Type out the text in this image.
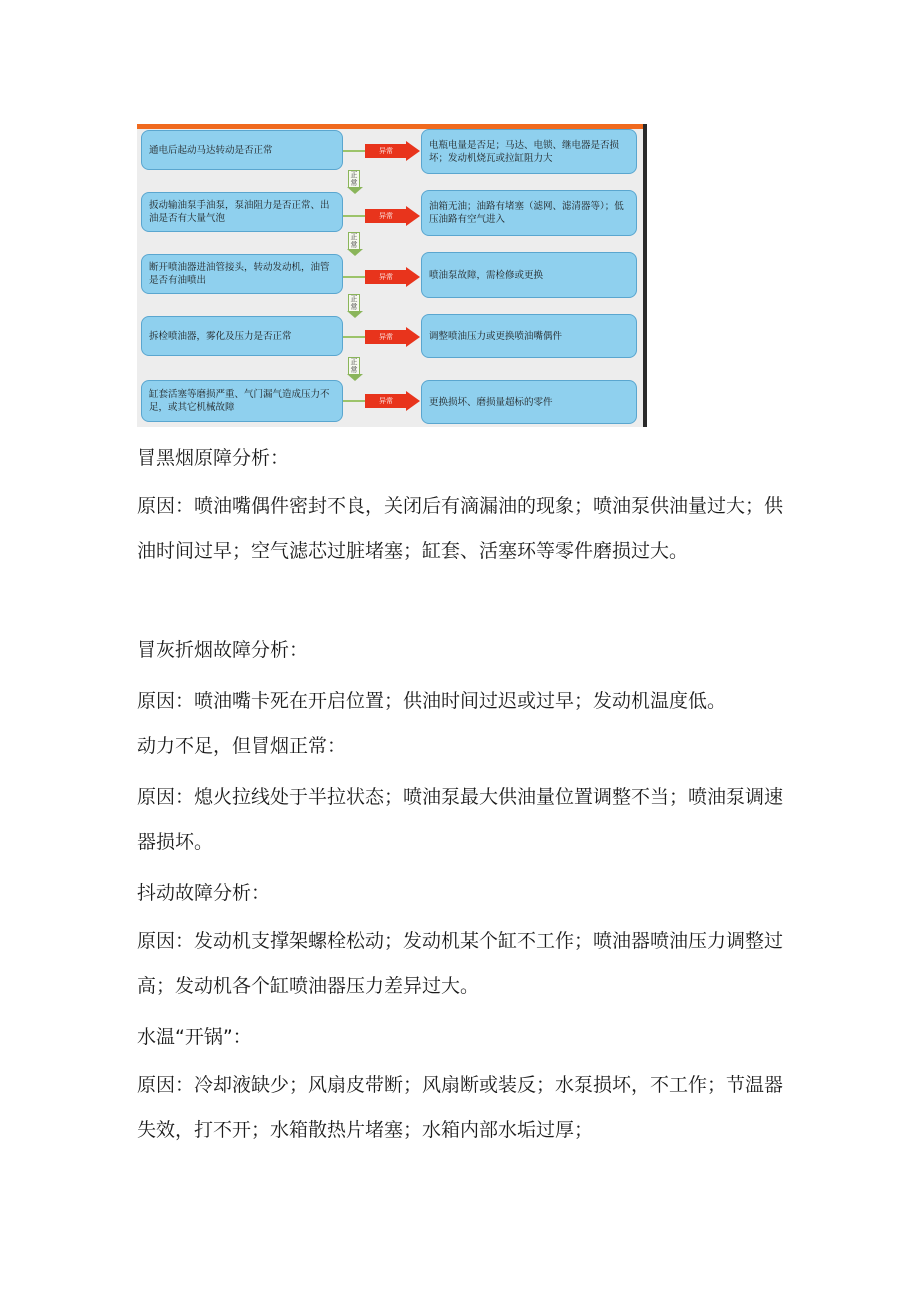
通电后起动马达转动是否正常	异常
电瓶电量是否足；马达、电锁、继电器是否损坏；发动机烧瓦或拉缸阻力大
正常
扳动输油泵手油泵，泵油阻力是否正常、出油是否有大量气泡	异常
油箱无油；油路有堵塞（滤网、滤清器等）；低压油路有空气进入
正常
断开喷油器进油管接头，转动发动机，油管是否有油喷出	异常	喷油泵故障，需检修或更换
正常
拆检喷油器，雾化及压力是否正常	异常	调整喷油压力或更换喷油嘴偶件
正常
缸套活塞等磨损严重、气门漏气造成压力不足，或其它机械故障
异常	更换损坏、磨损量超标的零件

冒黑烟原障分析：

原因：喷油嘴偶件密封不良，关闭后有滴漏油的现象；喷油泵供油量过大；供油时间过早；空气滤芯过脏堵塞；缸套、活塞环等零件磨损过大。

冒灰折烟故障分析：

原因：喷油嘴卡死在开启位置；供油时间过迟或过早；发动机温度低。

动力不足，但冒烟正常：

原因：熄火拉线处于半拉状态；喷油泵最大供油量位置调整不当；喷油泵调速器损坏。

抖动故障分析：

原因：发动机支撑架螺栓松动；发动机某个缸不工作；喷油器喷油压力调整过高；发动机各个缸喷油器压力差异过大。

水温“开锅”：

原因：冷却液缺少；风扇皮带断；风扇断或装反；水泵损坏，不工作；节温器失效，打不开；水箱散热片堵塞；水箱内部水垢过厚；
